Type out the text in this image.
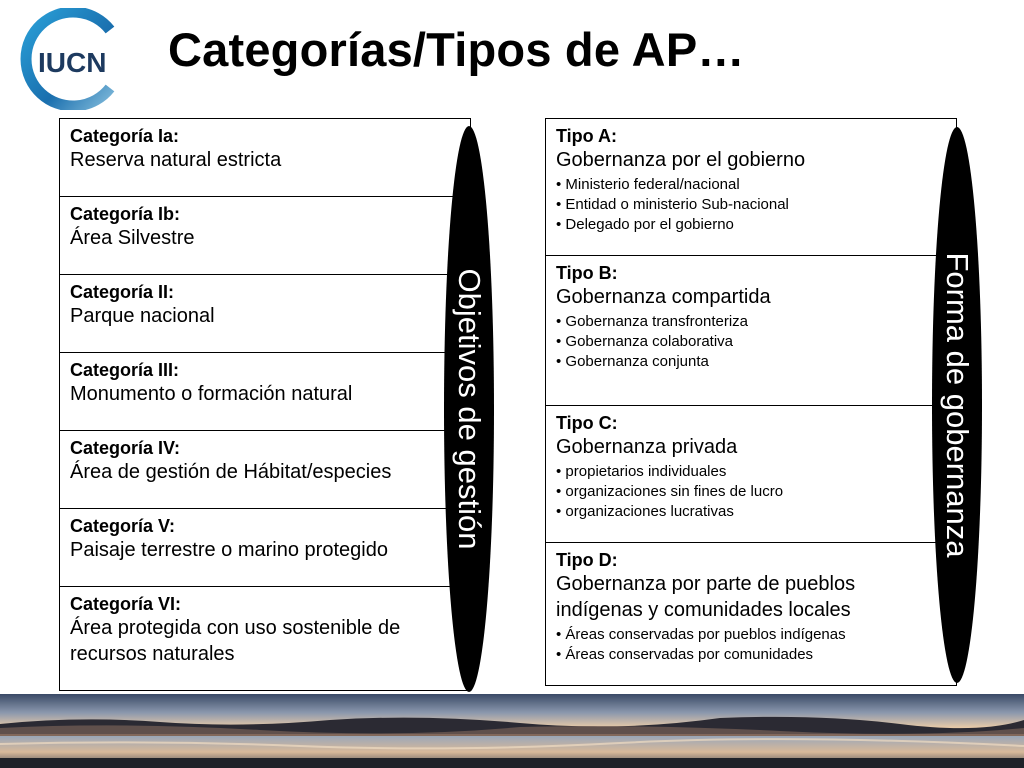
IUCN Categorías/Tipos de AP…
Categoría Ia:
Reserva natural estricta
Categoría Ib:
Área Silvestre
Categoría II:
Parque nacional
Categoría III:
Monumento o formación natural
Categoría IV:
Área de gestión de Hábitat/especies
Categoría V:
Paisaje terrestre o marino protegido
Categoría VI:
Área protegida con uso sostenible de recursos naturales
Objetivos de gestión
Tipo A:
Gobernanza por el gobierno
• Ministerio federal/nacional
• Entidad o ministerio Sub-nacional
• Delegado por el gobierno
Tipo B:
Gobernanza compartida
• Gobernanza transfronteriza
• Gobernanza colaborativa
• Gobernanza conjunta
Tipo C:
Gobernanza privada
• propietarios individuales
• organizaciones sin fines de lucro
• organizaciones lucrativas
Tipo D:
Gobernanza por parte de pueblos indígenas y comunidades locales
• Áreas conservadas por pueblos indígenas
• Áreas conservadas por comunidades
Forma de gobernanza
